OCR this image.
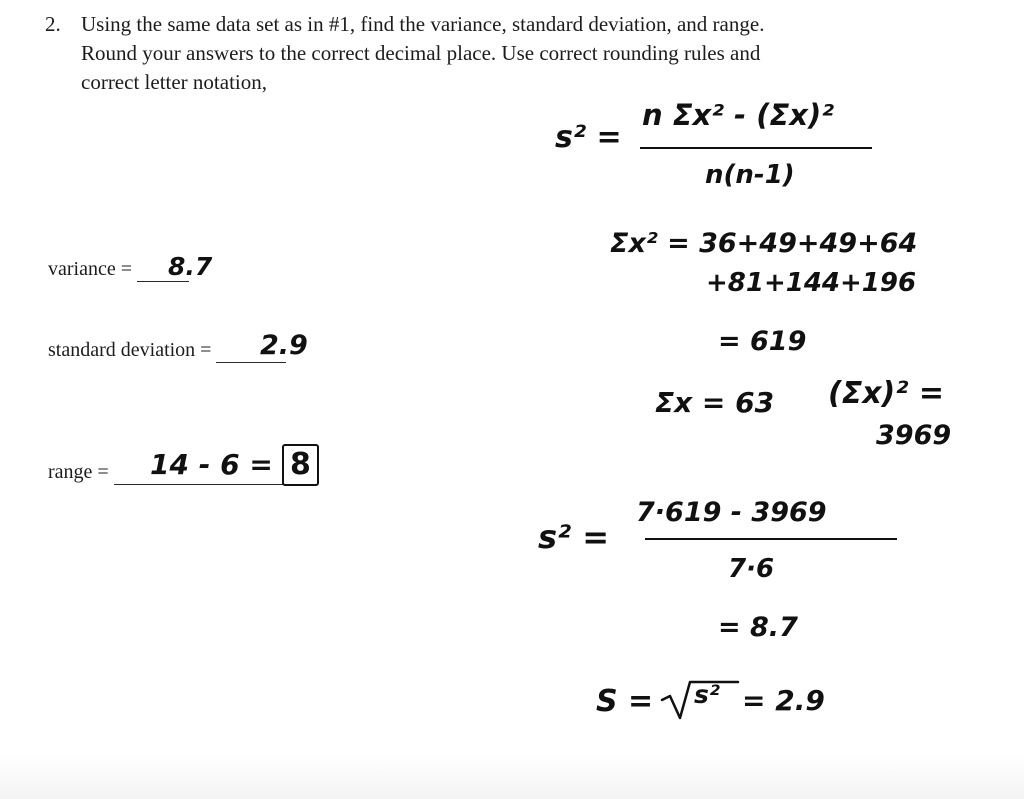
2. Using the same data set as in #1, find the variance, standard deviation, and range.
Round your answers to the correct decimal place. Use correct rounding rules and
correct letter notation,
variance =	8.7
standard deviation =	2.9
range =	14 - 6 = 8
s² =
n Σx² - (Σx)²
n(n-1)
Σx² = 36+49+49+64
+81+144+196
= 619
Σx = 63 (Σx)² =
3969
s² =
7·619 - 3969
7·6
= 8.7
S = s² = 2.9
